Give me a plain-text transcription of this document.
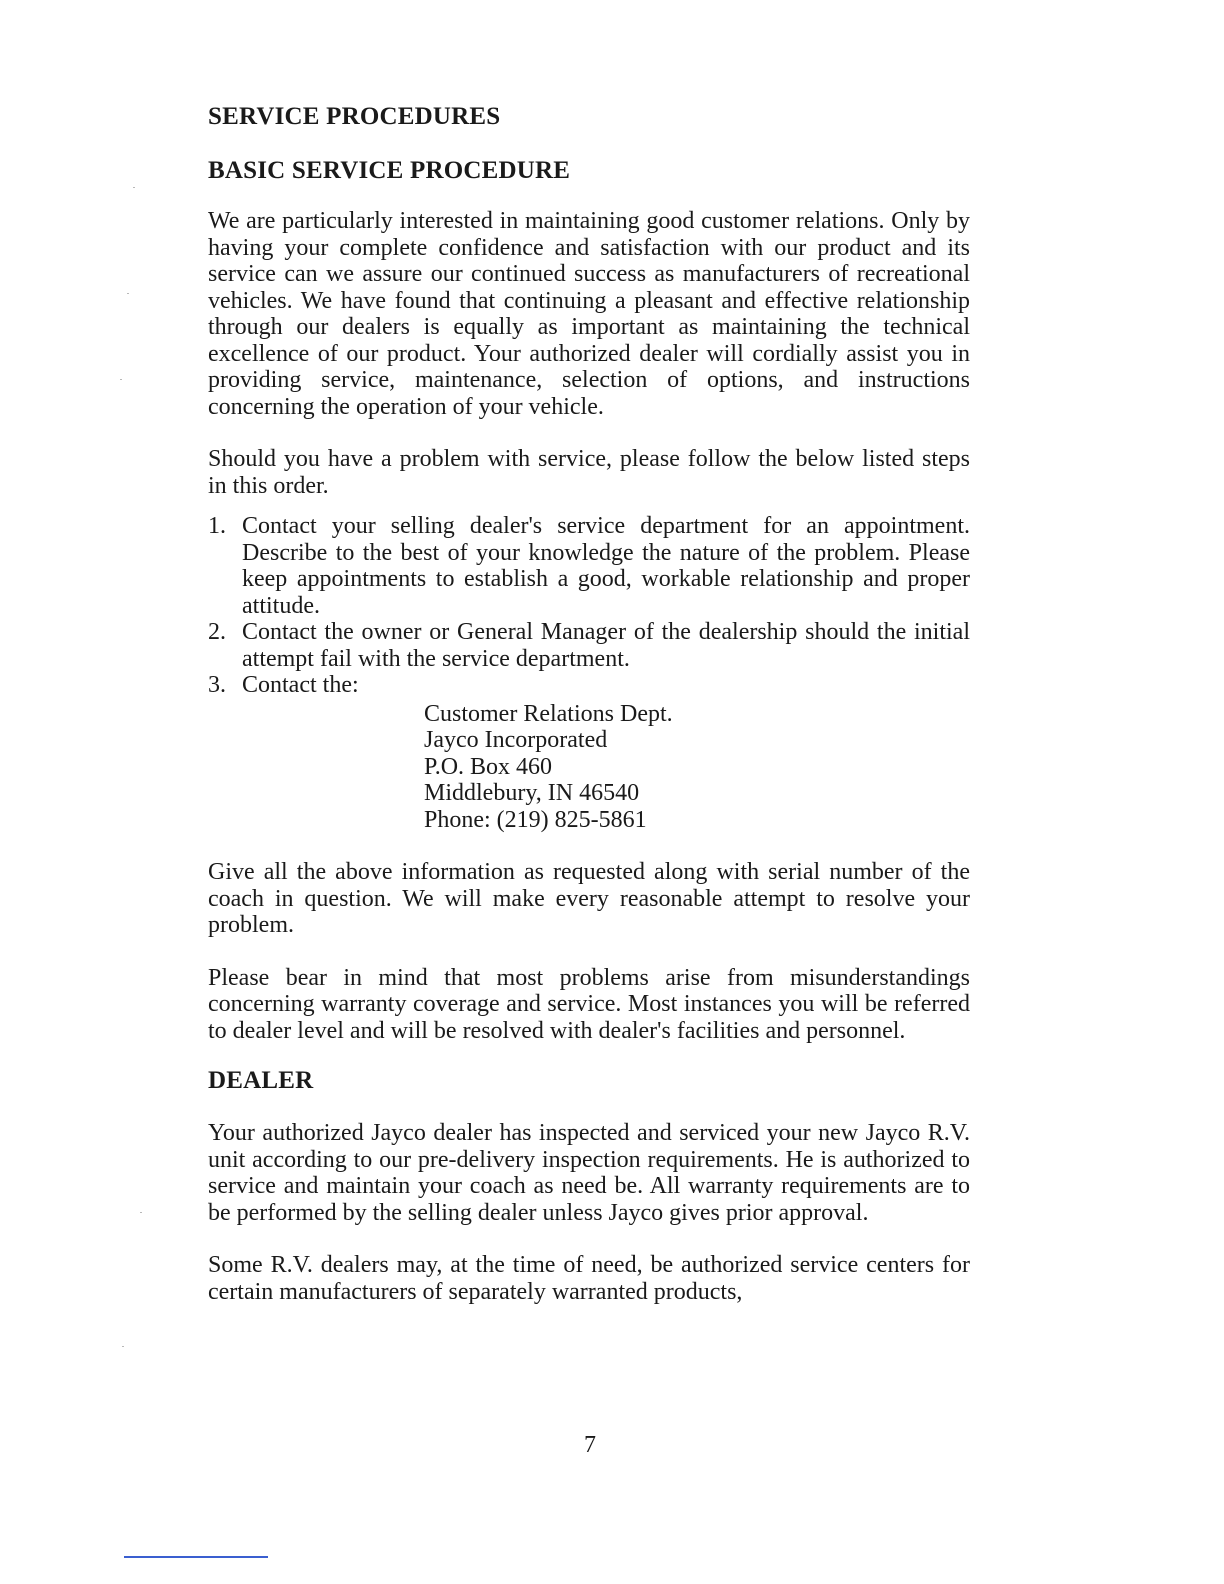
SERVICE PROCEDURES
BASIC SERVICE PROCEDURE

We are particularly interested in maintaining good customer relations. Only by having your complete confidence and satisfaction with our product and its service can we assure our continued success as manufacturers of recreational vehicles. We have found that continuing a pleasant and effective relationship through our dealers is equally as important as maintaining the technical excellence of our product. Your authorized dealer will cordially assist you in providing service, maintenance, selection of options, and instructions concerning the operation of your vehicle.

Should you have a problem with service, please follow the below listed steps in this order.

1. Contact your selling dealer's service department for an appointment. Describe to the best of your knowledge the nature of the problem. Please keep appointments to establish a good, workable relationship and proper attitude.
2. Contact the owner or General Manager of the dealership should the initial attempt fail with the service department.
3. Contact the:
Customer Relations Dept.
Jayco Incorporated
P.O. Box 460
Middlebury, IN 46540
Phone: (219) 825-5861

Give all the above information as requested along with serial number of the coach in question. We will make every reasonable attempt to resolve your problem.

Please bear in mind that most problems arise from misunderstandings concerning warranty coverage and service. Most instances you will be referred to dealer level and will be resolved with dealer's facilities and personnel.

DEALER

Your authorized Jayco dealer has inspected and serviced your new Jayco R.V. unit according to our pre-delivery inspection requirements. He is authorized to service and maintain your coach as need be. All warranty requirements are to be performed by the selling dealer unless Jayco gives prior approval.

Some R.V. dealers may, at the time of need, be authorized service centers for certain manufacturers of separately warranted products,

7
